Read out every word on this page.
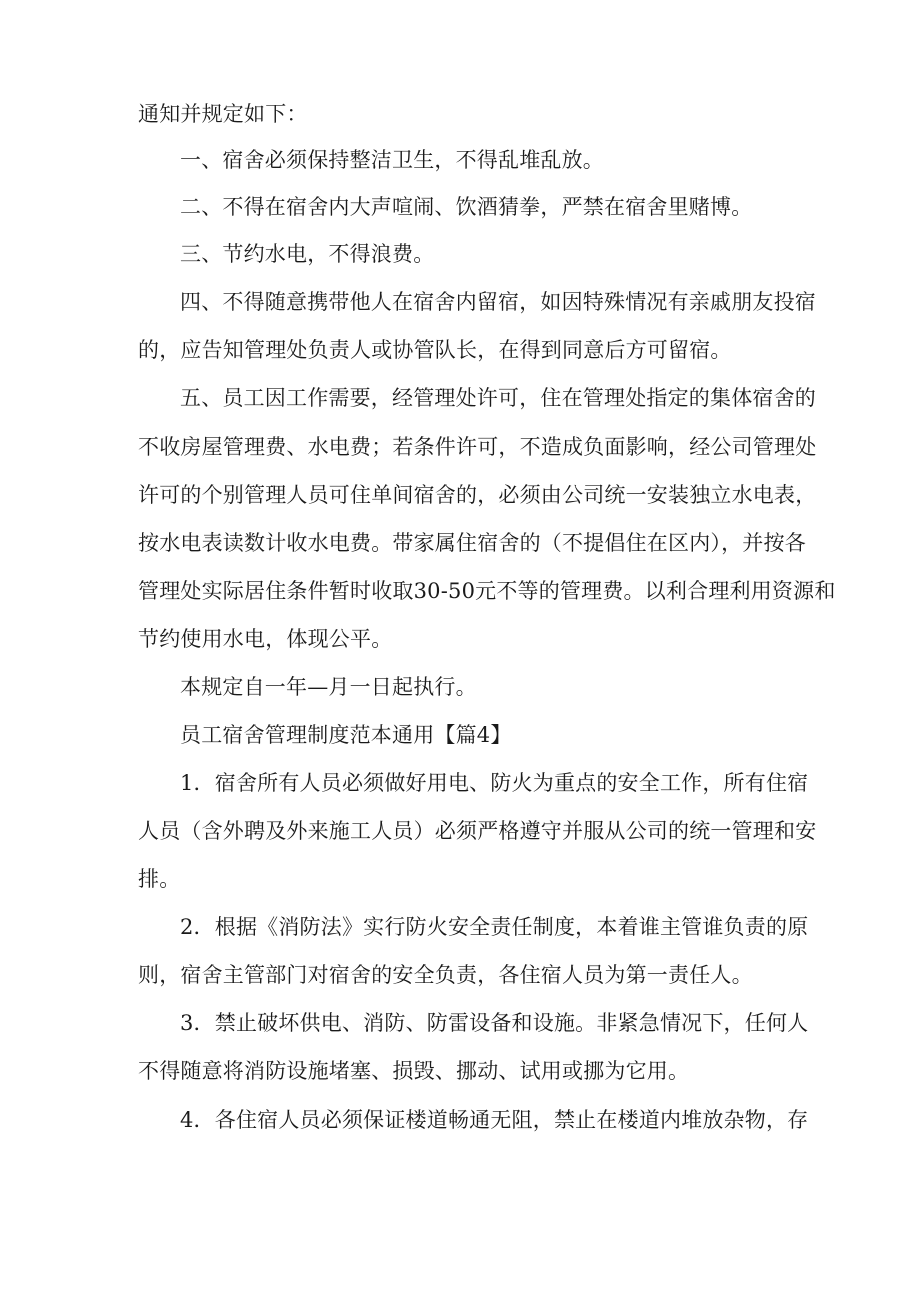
通知并规定如下：
一、宿舍必须保持整洁卫生，不得乱堆乱放。
二、不得在宿舍内大声喧闹、饮酒猜拳，严禁在宿舍里赌博。
三、节约水电，不得浪费。
四、不得随意携带他人在宿舍内留宿，如因特殊情况有亲戚朋友投宿
的，应告知管理处负责人或协管队长，在得到同意后方可留宿。
五、员工因工作需要，经管理处许可，住在管理处指定的集体宿舍的
不收房屋管理费、水电费；若条件许可，不造成负面影响，经公司管理处
许可的个别管理人员可住单间宿舍的，必须由公司统一安装独立水电表，
按水电表读数计收水电费。带家属住宿舍的（不提倡住在区内），并按各
管理处实际居住条件暂时收取30-50元不等的管理费。以利合理利用资源和
节约使用水电，体现公平。
本规定自一年—月一日起执行。
员工宿舍管理制度范本通用【篇4】
1．宿舍所有人员必须做好用电、防火为重点的安全工作，所有住宿
人员（含外聘及外来施工人员）必须严格遵守并服从公司的统一管理和安
排。
2．根据《消防法》实行防火安全责任制度，本着谁主管谁负责的原
则，宿舍主管部门对宿舍的安全负责，各住宿人员为第一责任人。
3．禁止破坏供电、消防、防雷设备和设施。非紧急情况下，任何人
不得随意将消防设施堵塞、损毁、挪动、试用或挪为它用。
4．各住宿人员必须保证楼道畅通无阻，禁止在楼道内堆放杂物，存
